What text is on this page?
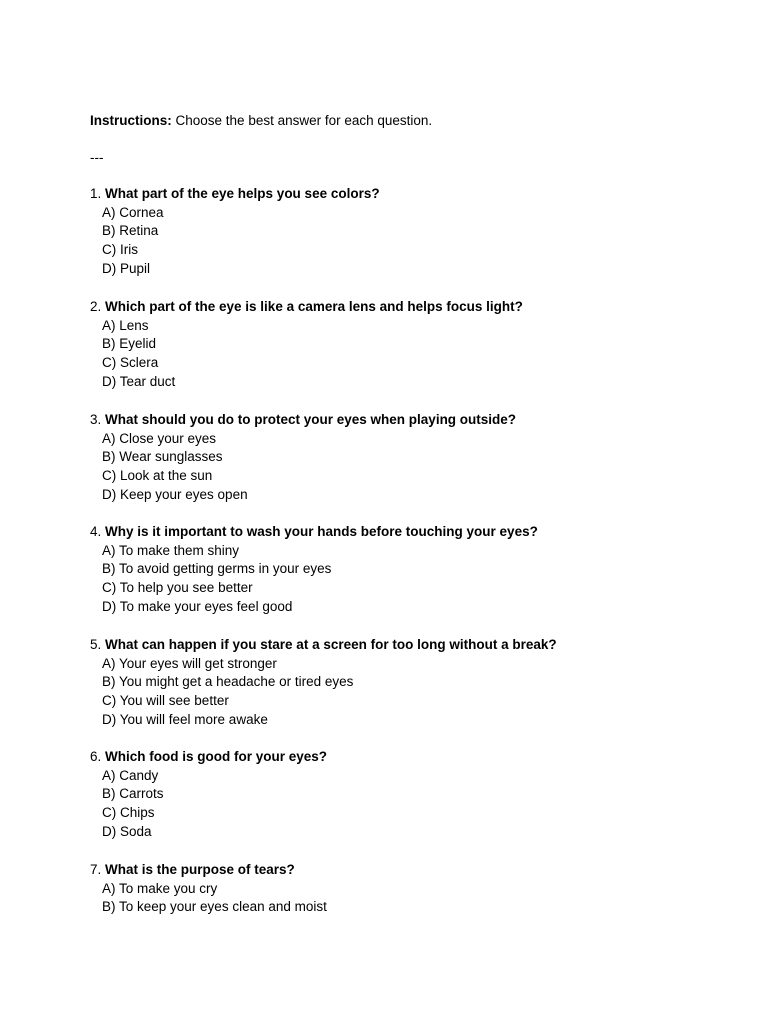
Instructions: Choose the best answer for each question.
---
1. What part of the eye helps you see colors?
A) Cornea
B) Retina
C) Iris
D) Pupil
2. Which part of the eye is like a camera lens and helps focus light?
A) Lens
B) Eyelid
C) Sclera
D) Tear duct
3. What should you do to protect your eyes when playing outside?
A) Close your eyes
B) Wear sunglasses
C) Look at the sun
D) Keep your eyes open
4. Why is it important to wash your hands before touching your eyes?
A) To make them shiny
B) To avoid getting germs in your eyes
C) To help you see better
D) To make your eyes feel good
5. What can happen if you stare at a screen for too long without a break?
A) Your eyes will get stronger
B) You might get a headache or tired eyes
C) You will see better
D) You will feel more awake
6. Which food is good for your eyes?
A) Candy
B) Carrots
C) Chips
D) Soda
7. What is the purpose of tears?
A) To make you cry
B) To keep your eyes clean and moist
